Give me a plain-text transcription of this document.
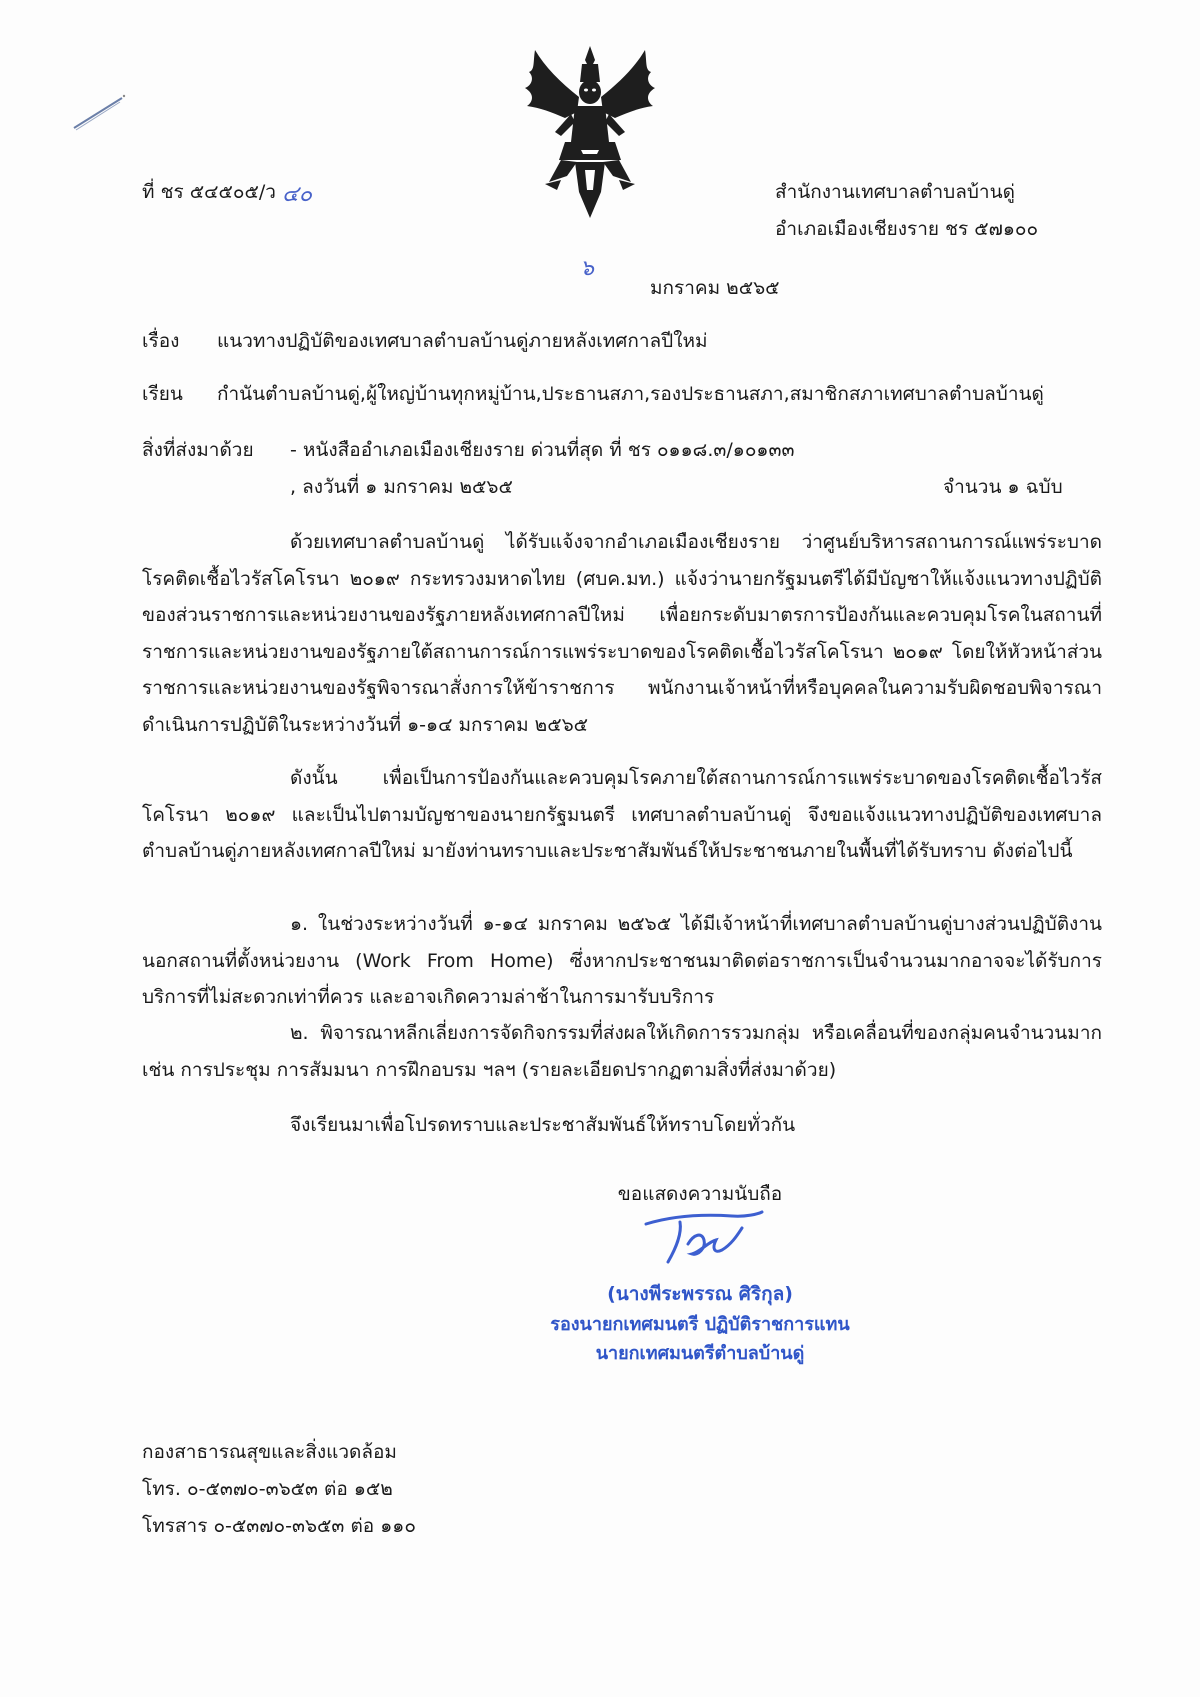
ที่ ชร ๕๔๕๐๕/ว ๔๐	สำนักงานเทศบาลตำบลบ้านดู่
อำเภอเมืองเชียงราย ชร ๕๗๑๐๐
๖
มกราคม ๒๕๖๕
เรื่อง แนวทางปฏิบัติของเทศบาลตำบลบ้านดู่ภายหลังเทศกาลปีใหม่
เรียน กำนันตำบลบ้านดู่,ผู้ใหญ่บ้านทุกหมู่บ้าน,ประธานสภา,รองประธานสภา,สมาชิกสภาเทศบาลตำบลบ้านดู่
สิ่งที่ส่งมาด้วย - หนังสืออำเภอเมืองเชียงราย ด่วนที่สุด ที่ ชร ๐๑๑๘.๓/๑๐๑๓๓
, ลงวันที่ ๑ มกราคม ๒๕๖๕	จำนวน ๑ ฉบับ
ด้วยเทศบาลตำบลบ้านดู่ ได้รับแจ้งจากอำเภอเมืองเชียงราย ว่าศูนย์บริหารสถานการณ์แพร่ระบาดโรคติดเชื้อไวรัสโคโรนา ๒๐๑๙ กระทรวงมหาดไทย (ศบค.มท.) แจ้งว่านายกรัฐมนตรีได้มีบัญชาให้แจ้งแนวทางปฏิบัติของส่วนราชการและหน่วยงานของรัฐภายหลังเทศกาลปีใหม่ เพื่อยกระดับมาตรการป้องกันและควบคุมโรคในสถานที่ราชการและหน่วยงานของรัฐภายใต้สถานการณ์การแพร่ระบาดของโรคติดเชื้อไวรัสโคโรนา ๒๐๑๙ โดยให้หัวหน้าส่วนราชการและหน่วยงานของรัฐพิจารณาสั่งการให้ข้าราชการ พนักงานเจ้าหน้าที่หรือบุคคลในความรับผิดชอบพิจารณาดำเนินการปฏิบัติในระหว่างวันที่ ๑-๑๔ มกราคม ๒๕๖๕
ดังนั้น เพื่อเป็นการป้องกันและควบคุมโรคภายใต้สถานการณ์การแพร่ระบาดของโรคติดเชื้อไวรัสโคโรนา ๒๐๑๙ และเป็นไปตามบัญชาของนายกรัฐมนตรี เทศบาลตำบลบ้านดู่ จึงขอแจ้งแนวทางปฏิบัติของเทศบาลตำบลบ้านดู่ภายหลังเทศกาลปีใหม่ มายังท่านทราบและประชาสัมพันธ์ให้ประชาชนภายในพื้นที่ได้รับทราบ ดังต่อไปนี้
๑. ในช่วงระหว่างวันที่ ๑-๑๔ มกราคม ๒๕๖๕ ได้มีเจ้าหน้าที่เทศบาลตำบลบ้านดู่บางส่วนปฏิบัติงานนอกสถานที่ตั้งหน่วยงาน (Work From Home) ซึ่งหากประชาชนมาติดต่อราชการเป็นจำนวนมากอาจจะได้รับการบริการที่ไม่สะดวกเท่าที่ควร และอาจเกิดความล่าช้าในการมารับบริการ
๒. พิจารณาหลีกเลี่ยงการจัดกิจกรรมที่ส่งผลให้เกิดการรวมกลุ่ม หรือเคลื่อนที่ของกลุ่มคนจำนวนมาก เช่น การประชุม การสัมมนา การฝึกอบรม ฯลฯ (รายละเอียดปรากฏตามสิ่งที่ส่งมาด้วย)
จึงเรียนมาเพื่อโปรดทราบและประชาสัมพันธ์ให้ทราบโดยทั่วกัน
ขอแสดงความนับถือ
(นางพีระพรรณ ศิริกุล)
รองนายกเทศมนตรี ปฏิบัติราชการแทน
นายกเทศมนตรีตำบลบ้านดู่
กองสาธารณสุขและสิ่งแวดล้อม
โทร. ๐-๕๓๗๐-๓๖๕๓ ต่อ ๑๕๒
โทรสาร ๐-๕๓๗๐-๓๖๕๓ ต่อ ๑๑๐
